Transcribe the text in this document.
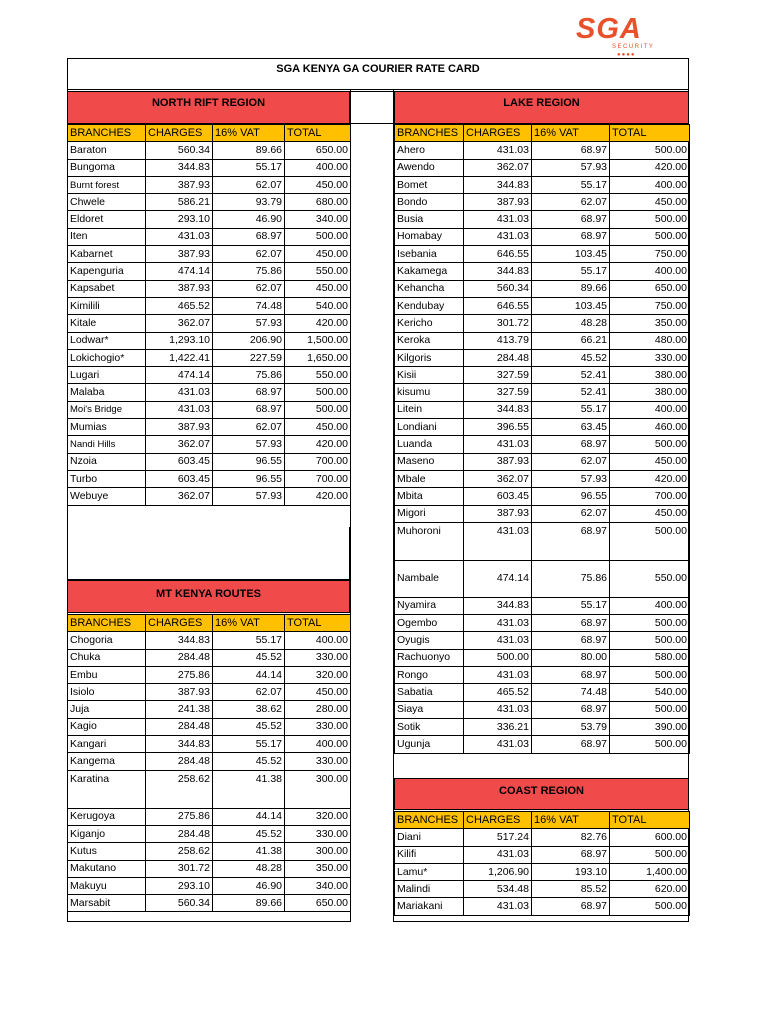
SGA
SECURITY
●●●●
SGA KENYA GA COURIER RATE CARD
NORTH RIFT REGION	LAKE REGION
MT KENYA ROUTES
COAST REGION
BRANCHES	CHARGES	16% VAT	TOTAL
Baraton	560.34	89.66	650.00
Bungoma	344.83	55.17	400.00
Burnt forest	387.93	62.07	450.00
Chwele	586.21	93.79	680.00
Eldoret	293.10	46.90	340.00
Iten	431.03	68.97	500.00
Kabarnet	387.93	62.07	450.00
Kapenguria	474.14	75.86	550.00
Kapsabet	387.93	62.07	450.00
Kimilili	465.52	74.48	540.00
Kitale	362.07	57.93	420.00
Lodwar*	1,293.10	206.90	1,500.00
Lokichogio*	1,422.41	227.59	1,650.00
Lugari	474.14	75.86	550.00
Malaba	431.03	68.97	500.00
Moi's Bridge	431.03	68.97	500.00
Mumias	387.93	62.07	450.00
Nandi Hills	362.07	57.93	420.00
Nzoia	603.45	96.55	700.00
Turbo	603.45	96.55	700.00
Webuye	362.07	57.93	420.00
BRANCHES	CHARGES	16% VAT	TOTAL
Chogoria	344.83	55.17	400.00
Chuka	284.48	45.52	330.00
Embu	275.86	44.14	320.00
Isiolo	387.93	62.07	450.00
Juja	241.38	38.62	280.00
Kagio	284.48	45.52	330.00
Kangari	344.83	55.17	400.00
Kangema	284.48	45.52	330.00
Karatina	258.62	41.38	300.00
Kerugoya	275.86	44.14	320.00
Kiganjo	284.48	45.52	330.00
Kutus	258.62	41.38	300.00
Makutano	301.72	48.28	350.00
Makuyu	293.10	46.90	340.00
Marsabit	560.34	89.66	650.00
BRANCHES	CHARGES	16% VAT	TOTAL
Ahero	431.03	68.97	500.00
Awendo	362.07	57.93	420.00
Bomet	344.83	55.17	400.00
Bondo	387.93	62.07	450.00
Busia	431.03	68.97	500.00
Homabay	431.03	68.97	500.00
Isebania	646.55	103.45	750.00
Kakamega	344.83	55.17	400.00
Kehancha	560.34	89.66	650.00
Kendubay	646.55	103.45	750.00
Kericho	301.72	48.28	350.00
Keroka	413.79	66.21	480.00
Kilgoris	284.48	45.52	330.00
Kisii	327.59	52.41	380.00
kisumu	327.59	52.41	380.00
Litein	344.83	55.17	400.00
Londiani	396.55	63.45	460.00
Luanda	431.03	68.97	500.00
Maseno	387.93	62.07	450.00
Mbale	362.07	57.93	420.00
Mbita	603.45	96.55	700.00
Migori	387.93	62.07	450.00
Muhoroni	431.03	68.97	500.00
Nambale	474.14	75.86	550.00
Nyamira	344.83	55.17	400.00
Ogembo	431.03	68.97	500.00
Oyugis	431.03	68.97	500.00
Rachuonyo	500.00	80.00	580.00
Rongo	431.03	68.97	500.00
Sabatia	465.52	74.48	540.00
Siaya	431.03	68.97	500.00
Sotik	336.21	53.79	390.00
Ugunja	431.03	68.97	500.00
BRANCHES	CHARGES	16% VAT	TOTAL
Diani	517.24	82.76	600.00
Kilifi	431.03	68.97	500.00
Lamu*	1,206.90	193.10	1,400.00
Malindi	534.48	85.52	620.00
Mariakani	431.03	68.97	500.00
